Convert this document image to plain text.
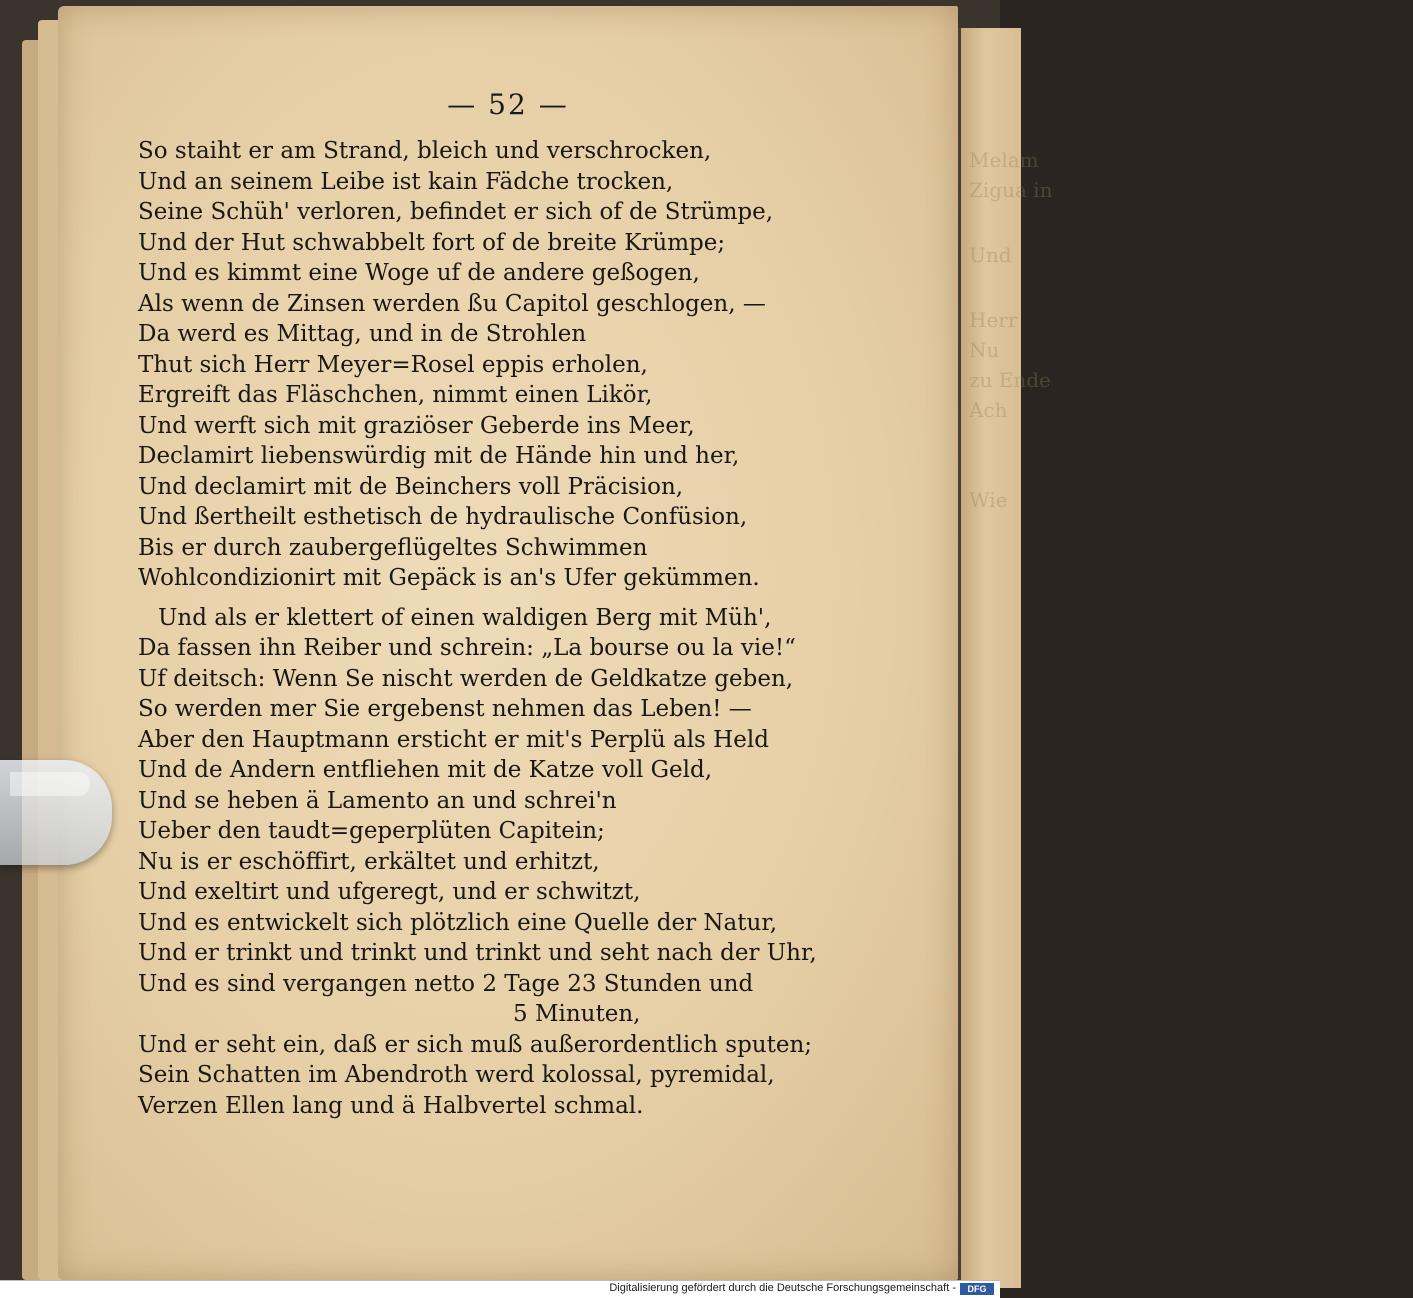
Melam
Zigua in
Und
Herr
Nu
zu Ende
Ach
Wie
— 52 —
So staiht er am Strand, bleich und verschrocken,
Und an seinem Leibe ist kain Fädche trocken,
Seine Schüh' verloren, befindet er sich of de Strümpe,
Und der Hut schwabbelt fort of de breite Krümpe;
Und es kimmt eine Woge uf de andere geßogen,
Als wenn de Zinsen werden ßu Capitol geschlogen, —
Da werd es Mittag, und in de Strohlen
Thut sich Herr Meyer=Rosel eppis erholen,
Ergreift das Fläschchen, nimmt einen Likör,
Und werft sich mit graziöser Geberde ins Meer,
Declamirt liebenswürdig mit de Hände hin und her,
Und declamirt mit de Beinchers voll Präcision,
Und ßertheilt esthetisch de hydraulische Confüsion,
Bis er durch zaubergeflügeltes Schwimmen
Wohlcondizionirt mit Gepäck is an's Ufer gekümmen.
Und als er klettert of einen waldigen Berg mit Müh',
Da fassen ihn Reiber und schrein: „La bourse ou la vie!“
Uf deitsch: Wenn Se nischt werden de Geldkatze geben,
So werden mer Sie ergebenst nehmen das Leben! —
Aber den Hauptmann ersticht er mit's Perplü als Held
Und de Andern entfliehen mit de Katze voll Geld,
Und se heben ä Lamento an und schrei'n
Ueber den taudt=geperplüten Capitein;
Nu is er eschöffirt, erkältet und erhitzt,
Und exeltirt und ufgeregt, und er schwitzt,
Und es entwickelt sich plötzlich eine Quelle der Natur,
Und er trinkt und trinkt und trinkt und seht nach der Uhr,
Und es sind vergangen netto 2 Tage 23 Stunden und
5 Minuten,
Und er seht ein, daß er sich muß außerordentlich sputen;
Sein Schatten im Abendroth werd kolossal, pyremidal,
Verzen Ellen lang und ä Halbvertel schmal.
Digitalisierung gefördert durch die Deutsche Forschungsgemeinschaft -	DFG
